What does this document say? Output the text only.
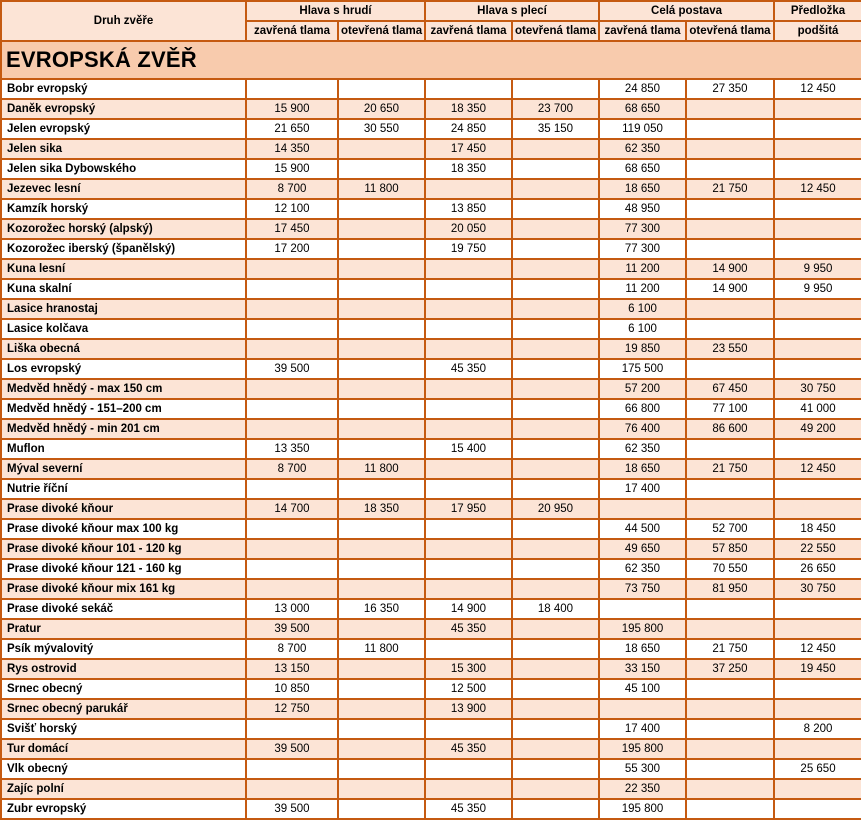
Druh zvěře	Hlava s hrudí		Hlava s plecí		Celá postava		Předložka
	zavřená tlama	otevřená tlama	zavřená tlama	otevřená tlama	zavřená tlama	otevřená tlama	podšitá
EVROPSKÁ ZVĚŘ							
Bobr evropský					24 850	27 350	12 450
Daněk evropský	15 900	20 650	18 350	23 700	68 650		
Jelen evropský	21 650	30 550	24 850	35 150	119 050		
Jelen sika	14 350		17 450		62 350		
Jelen sika Dybowského	15 900		18 350		68 650		
Jezevec lesní	8 700	11 800			18 650	21 750	12 450
Kamzík horský	12 100		13 850		48 950		
Kozorožec horský (alpský)	17 450		20 050		77 300		
Kozorožec iberský (španělský)	17 200		19 750		77 300		
Kuna lesní					11 200	14 900	9 950
Kuna skalní					11 200	14 900	9 950
Lasice hranostaj					6 100		
Lasice kolčava					6 100		
Liška obecná					19 850	23 550	
Los evropský	39 500		45 350		175 500		
Medvěd hnědý - max 150 cm					57 200	67 450	30 750
Medvěd hnědý - 151–200 cm					66 800	77 100	41 000
Medvěd hnědý - min 201 cm					76 400	86 600	49 200
Muflon	13 350		15 400		62 350		
Mýval severní	8 700	11 800			18 650	21 750	12 450
Nutrie říční					17 400		
Prase divoké kňour	14 700	18 350	17 950	20 950			
Prase divoké kňour max 100 kg					44 500	52 700	18 450
Prase divoké kňour 101 - 120 kg					49 650	57 850	22 550
Prase divoké kňour 121 - 160 kg					62 350	70 550	26 650
Prase divoké kňour mix 161 kg					73 750	81 950	30 750
Prase divoké sekáč	13 000	16 350	14 900	18 400			
Pratur	39 500		45 350		195 800		
Psík mývalovitý	8 700	11 800			18 650	21 750	12 450
Rys ostrovid	13 150		15 300		33 150	37 250	19 450
Srnec obecný	10 850		12 500		45 100		
Srnec obecný parukář	12 750		13 900				
Svišť horský					17 400		8 200
Tur domácí	39 500		45 350		195 800		
Vlk obecný					55 300		25 650
Zajíc polní					22 350		
Zubr evropský	39 500		45 350		195 800		
